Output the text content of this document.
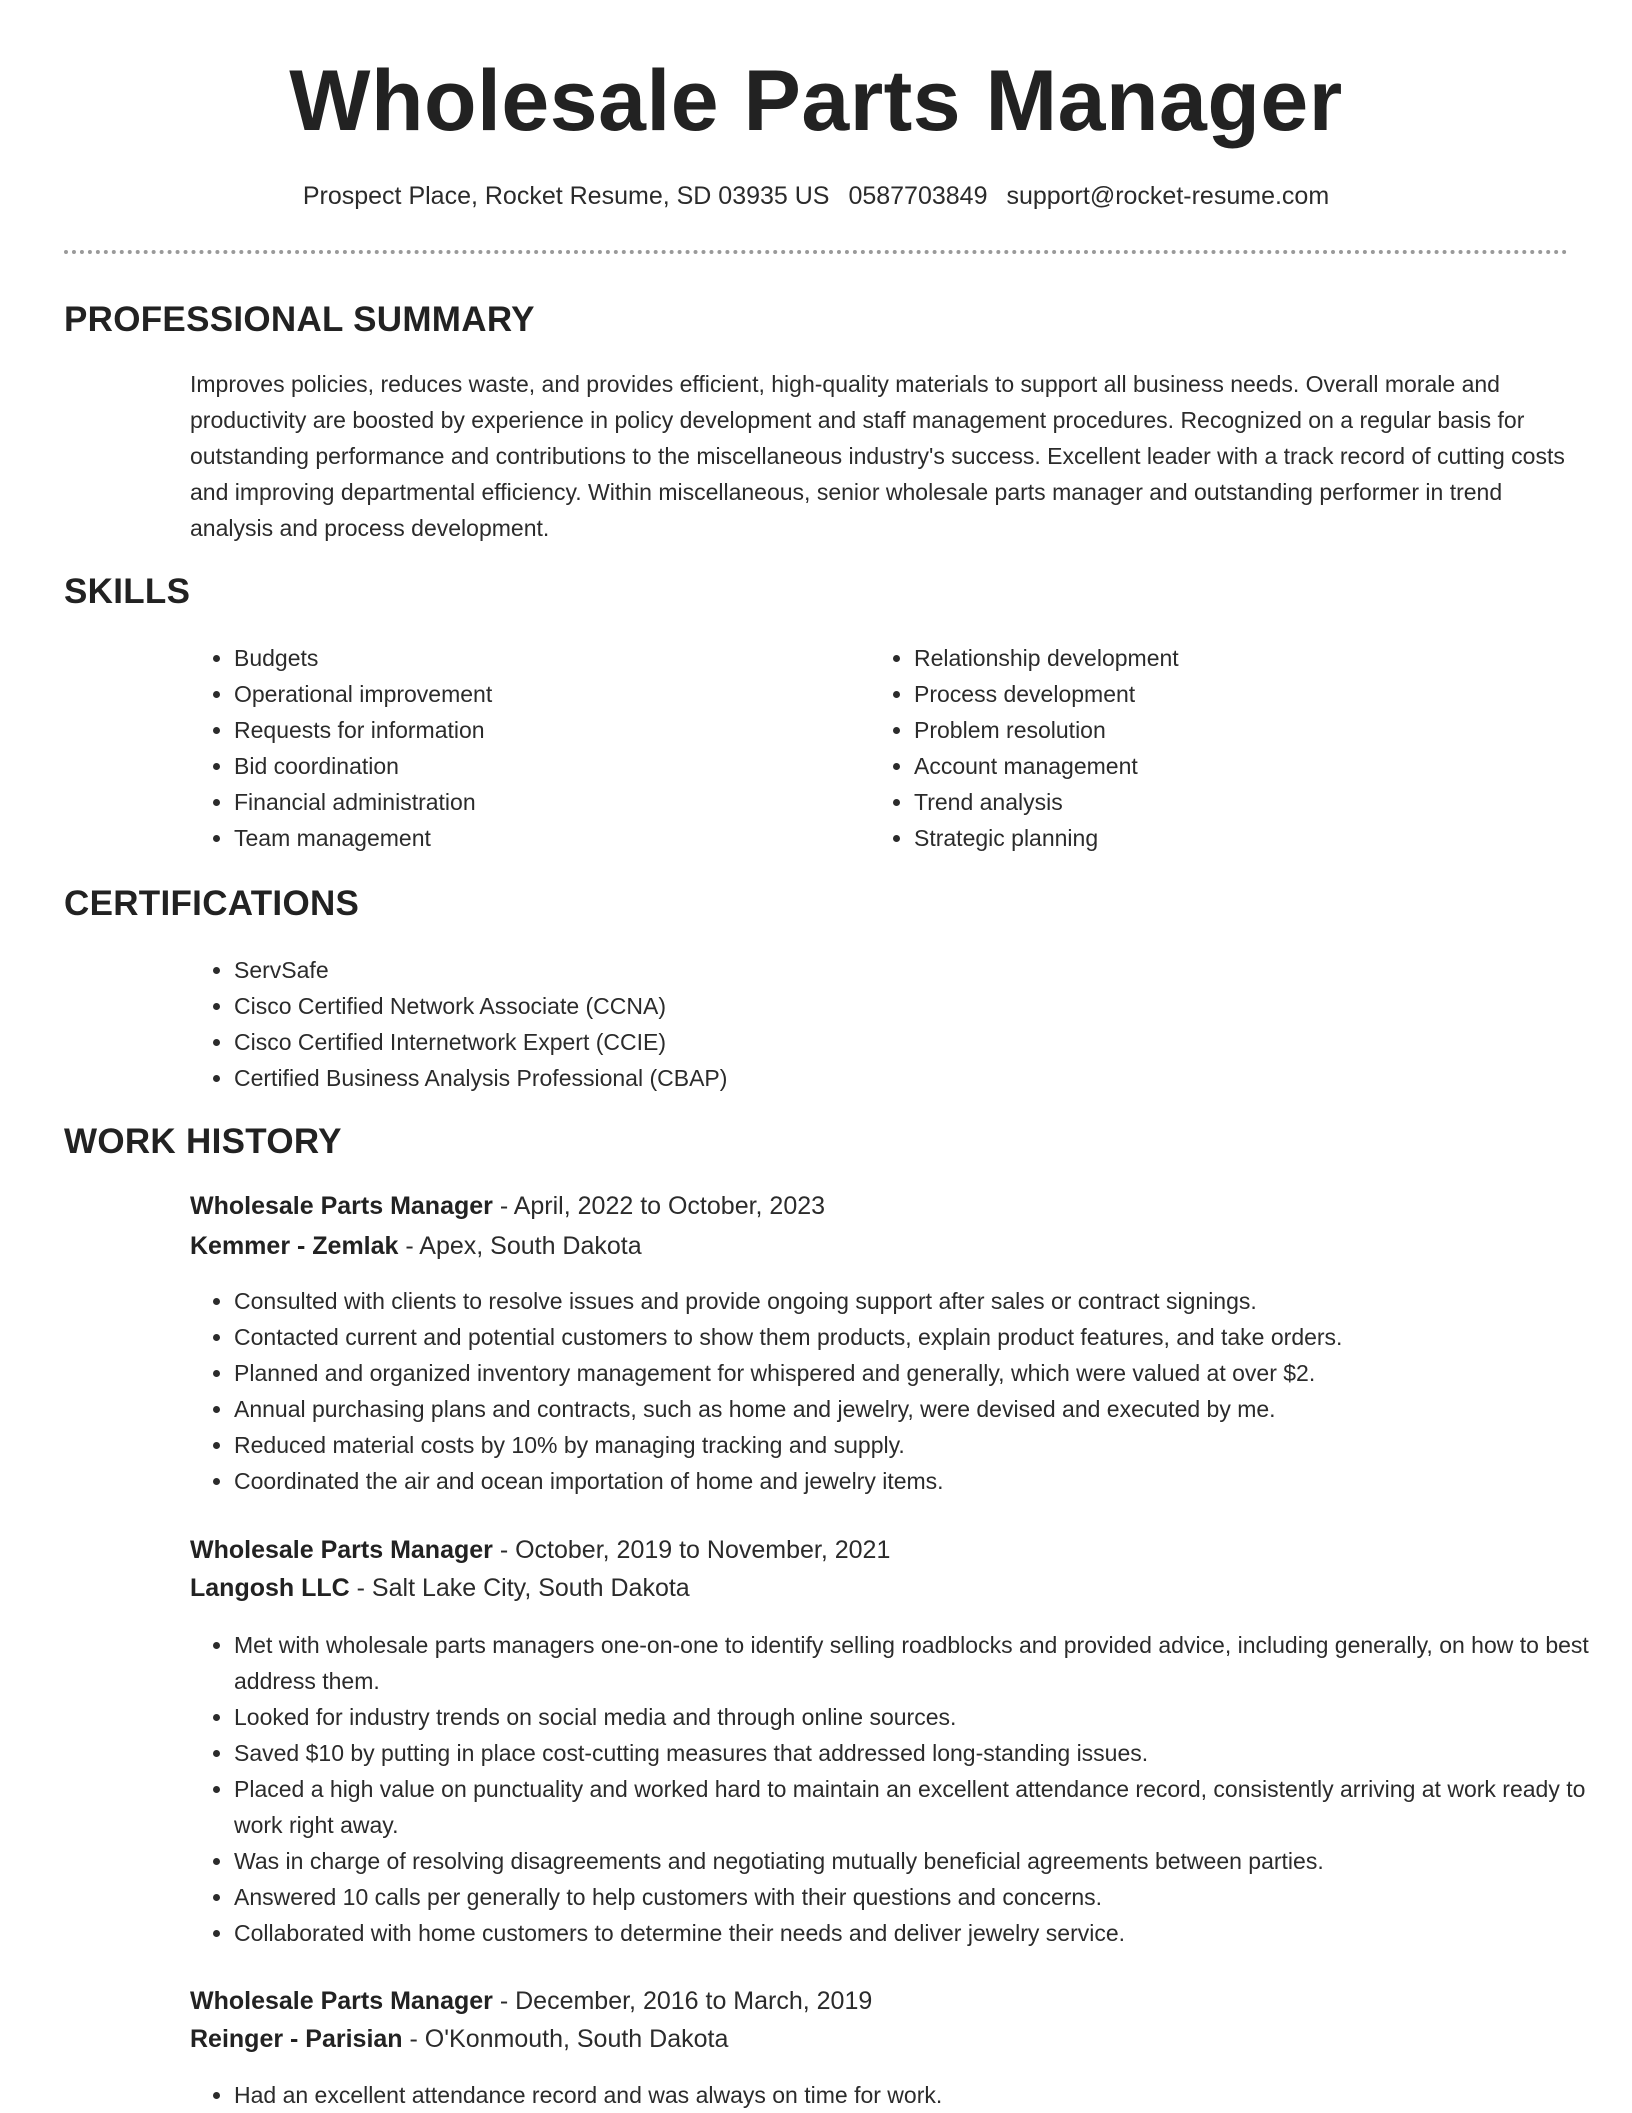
Wholesale Parts Manager
Prospect Place, Rocket Resume, SD 03935 US 0587703849 support@rocket-resume.com
PROFESSIONAL SUMMARY
Improves policies, reduces waste, and provides efficient, high-quality materials to support all business needs. Overall morale and productivity are boosted by experience in policy development and staff management procedures. Recognized on a regular basis for outstanding performance and contributions to the miscellaneous industry's success. Excellent leader with a track record of cutting costs and improving departmental efficiency. Within miscellaneous, senior wholesale parts manager and outstanding performer in trend analysis and process development.
SKILLS
• Budgets
• Operational improvement
• Requests for information
• Bid coordination
• Financial administration
• Team management
• Relationship development
• Process development
• Problem resolution
• Account management
• Trend analysis
• Strategic planning
CERTIFICATIONS
• ServSafe
• Cisco Certified Network Associate (CCNA)
• Cisco Certified Internetwork Expert (CCIE)
• Certified Business Analysis Professional (CBAP)
WORK HISTORY
Wholesale Parts Manager - April, 2022 to October, 2023
Kemmer - Zemlak - Apex, South Dakota
• Consulted with clients to resolve issues and provide ongoing support after sales or contract signings.
• Contacted current and potential customers to show them products, explain product features, and take orders.
• Planned and organized inventory management for whispered and generally, which were valued at over $2.
• Annual purchasing plans and contracts, such as home and jewelry, were devised and executed by me.
• Reduced material costs by 10% by managing tracking and supply.
• Coordinated the air and ocean importation of home and jewelry items.
Wholesale Parts Manager - October, 2019 to November, 2021
Langosh LLC - Salt Lake City, South Dakota
• Met with wholesale parts managers one-on-one to identify selling roadblocks and provided advice, including generally, on how to best address them.
• Looked for industry trends on social media and through online sources.
• Saved $10 by putting in place cost-cutting measures that addressed long-standing issues.
• Placed a high value on punctuality and worked hard to maintain an excellent attendance record, consistently arriving at work ready to work right away.
• Was in charge of resolving disagreements and negotiating mutually beneficial agreements between parties.
• Answered 10 calls per generally to help customers with their questions and concerns.
• Collaborated with home customers to determine their needs and deliver jewelry service.
Wholesale Parts Manager - December, 2016 to March, 2019
Reinger - Parisian - O'Konmouth, South Dakota
• Had an excellent attendance record and was always on time for work.
